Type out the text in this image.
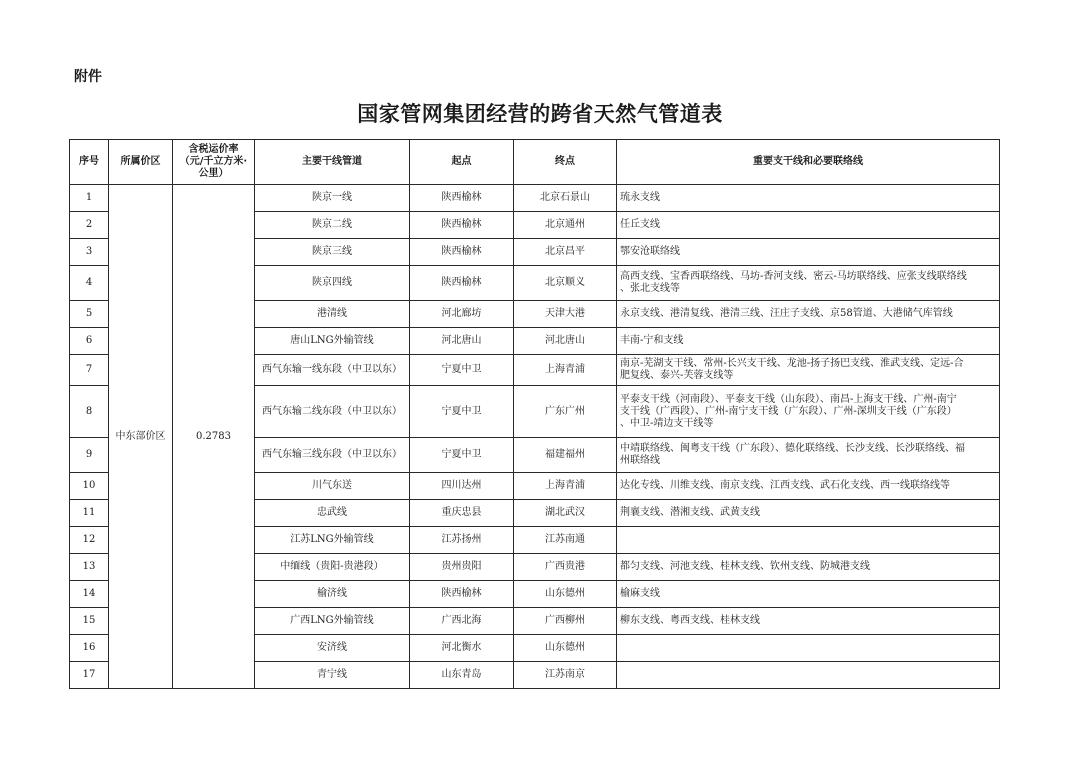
附件
国家管网集团经营的跨省天然气管道表
序号	所属价区	含税运价率
（元/千立方米·
公里）	主要干线管道	起点	终点	重要支干线和必要联络线
1	中东部价区	0.2783	陕京一线	陕西榆林	北京石景山	琉永支线

2			陕京二线	陕西榆林	北京通州	任丘支线

3			陕京三线	陕西榆林	北京昌平	鄂安沧联络线

4			陕京四线	陕西榆林	北京顺义	高西支线、宝香西联络线、马坊-香河支线、密云-马坊联络线、应张支线联络线
、张北支线等

5			港清线	河北廊坊	天津大港	永京支线、港清复线、港清三线、汪庄子支线、京58管道、大港储气库管线

6			唐山LNG外输管线	河北唐山	河北唐山	丰南-宁和支线

7			西气东输一线东段（中卫以东）	宁夏中卫	上海青浦	南京-芜湖支干线、常州-长兴支干线、龙池-扬子扬巴支线、淮武支线、定远-合
肥复线、泰兴-芙蓉支线等

8			西气东输二线东段（中卫以东）	宁夏中卫	广东广州	平泰支干线（河南段）、平泰支干线（山东段）、南昌-上海支干线、广州-南宁
支干线（广西段）、广州-南宁支干线（广东段）、广州-深圳支干线（广东段）
、中卫-靖边支干线等

9			西气东输三线东段（中卫以东）	宁夏中卫	福建福州	中靖联络线、闽粤支干线（广东段）、德化联络线、长沙支线、长沙联络线、福
州联络线

10			川气东送	四川达州	上海青浦	达化专线、川维支线、南京支线、江西支线、武石化支线、西一线联络线等

11			忠武线	重庆忠县	湖北武汉	荆襄支线、潜湘支线、武黄支线

12			江苏LNG外输管线	江苏扬州	江苏南通	
13			中缅线（贵阳-贵港段）	贵州贵阳	广西贵港	都匀支线、河池支线、桂林支线、钦州支线、防城港支线

14			榆济线	陕西榆林	山东德州	榆麻支线

15			广西LNG外输管线	广西北海	广西柳州	柳东支线、粤西支线、桂林支线

16			安济线	河北衡水	山东德州	
17			青宁线	山东青岛	江苏南京	
